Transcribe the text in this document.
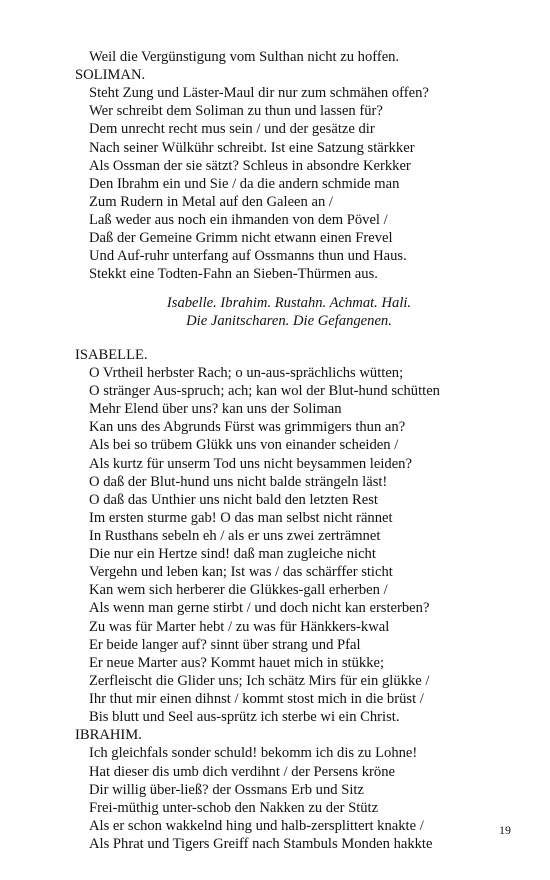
Weil die Vergünstigung vom Sulthan nicht zu hoffen.
SOLIMAN.
Steht Zung und Läster-Maul dir nur zum schmähen offen?
Wer schreibt dem Soliman zu thun und lassen für?
Dem unrecht recht mus sein / und der gesätze dir
Nach seiner Wülkühr schreibt. Ist eine Satzung stärkker
Als Ossman der sie sätzt? Schleus in absondre Kerkker
Den Ibrahm ein und Sie / da die andern schmide man
Zum Rudern in Metal auf den Galeen an /
Laß weder aus noch ein ihmanden von dem Pövel /
Daß der Gemeine Grimm nicht etwann einen Frevel
Und Auf-ruhr unterfang auf Ossmanns thun und Haus.
Stekkt eine Todten-Fahn an Sieben-Thürmen aus.
Isabelle. Ibrahim. Rustahn. Achmat. Hali.
Die Janitscharen. Die Gefangenen.
ISABELLE.
O Vrtheil herbster Rach; o un-aus-sprächlichs wütten;
O stränger Aus-spruch; ach; kan wol der Blut-hund schütten
Mehr Elend über uns? kan uns der Soliman
Kan uns des Abgrunds Fürst was grimmigers thun an?
Als bei so trübem Glükk uns von einander scheiden /
Als kurtz für unserm Tod uns nicht beysammen leiden?
O daß der Blut-hund uns nicht balde strängeln läst!
O daß das Unthier uns nicht bald den letzten Rest
Im ersten sturme gab! O das man selbst nicht rännet
In Rusthans sebeln eh / als er uns zwei zerträmnet
Die nur ein Hertze sind! daß man zugleiche nicht
Vergehn und leben kan; Ist was / das schärffer sticht
Kan wem sich herberer die Glükkes-gall erherben /
Als wenn man gerne stirbt / und doch nicht kan ersterben?
Zu was für Marter hebt / zu was für Hänkkers-kwal
Er beide langer auf? sinnt über strang und Pfal
Er neue Marter aus? Kommt hauet mich in stükke;
Zerfleischt die Glider uns; Ich schätz Mirs für ein glükke /
Ihr thut mir einen dihnst / kommt stost mich in die brüst /
Bis blutt und Seel aus-sprütz ich sterbe wi ein Christ.
IBRAHIM.
Ich gleichfals sonder schuld! bekomm ich dis zu Lohne!
Hat dieser dis umb dich verdihnt / der Persens kröne
Dir willig über-ließ? der Ossmans Erb und Sitz
Frei-müthig unter-schob den Nakken zu der Stütz
Als er schon wakkelnd hing und halb-zersplittert knakte /
Als Phrat und Tigers Greiff nach Stambuls Monden hakkte
19
